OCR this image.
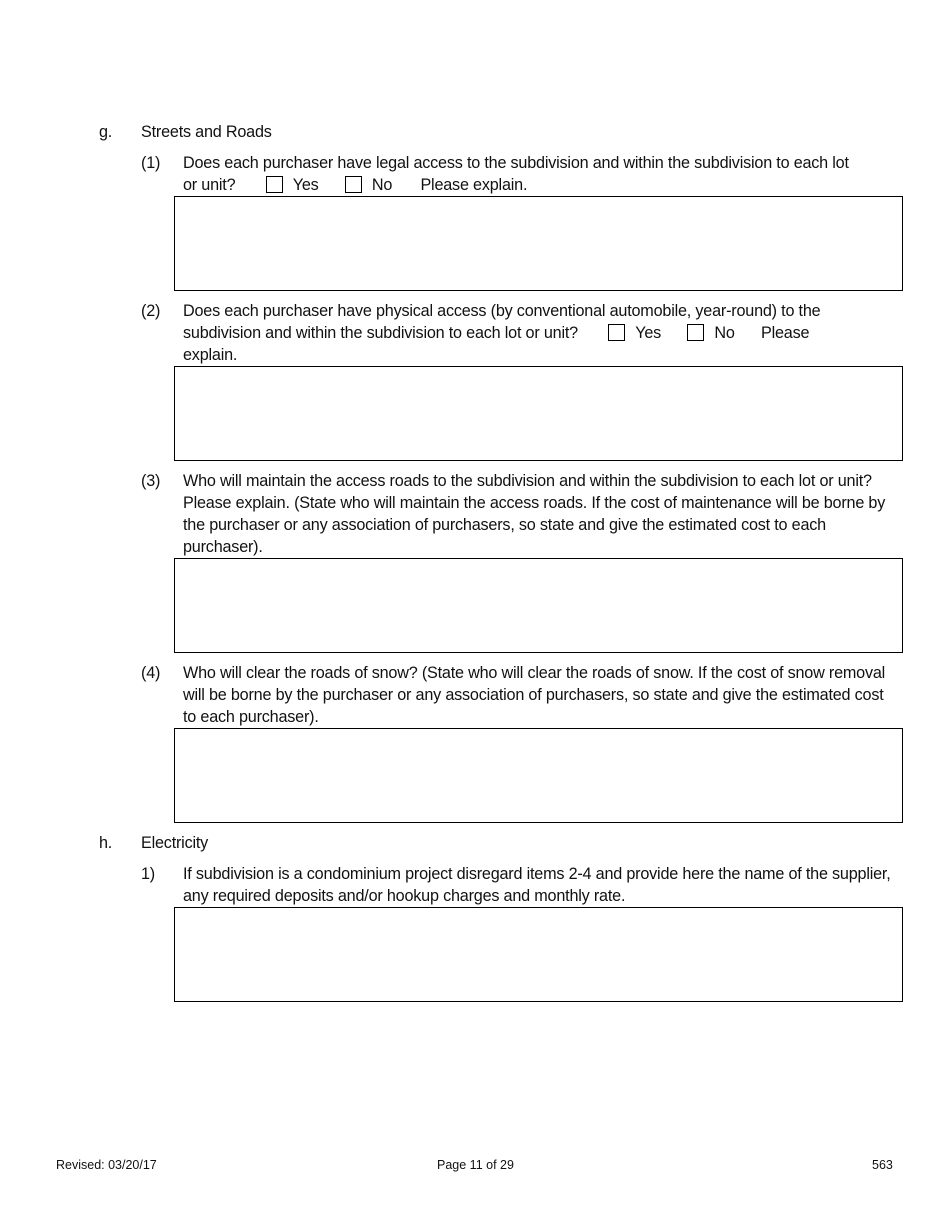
g. Streets and Roads
(1) Does each purchaser have legal access to the subdivision and within the subdivision to each lot
or unit?	Yes	No Please explain.
(2) Does each purchaser have physical access (by conventional automobile, year-round) to the
subdivision and within the subdivision to each lot or unit?	Yes	No Please
explain.
(3) Who will maintain the access roads to the subdivision and within the subdivision to each lot or unit? Please explain. (State who will maintain the access roads. If the cost of maintenance will be borne by the purchaser or any association of purchasers, so state and give the estimated cost to each purchaser).
(4) Who will clear the roads of snow? (State who will clear the roads of snow. If the cost of snow removal will be borne by the purchaser or any association of purchasers, so state and give the estimated cost to each purchaser).
h. Electricity
1) If subdivision is a condominium project disregard items 2-4 and provide here the name of the supplier, any required deposits and/or hookup charges and monthly rate.
Revised: 03/20/17	Page 11 of 29	563
